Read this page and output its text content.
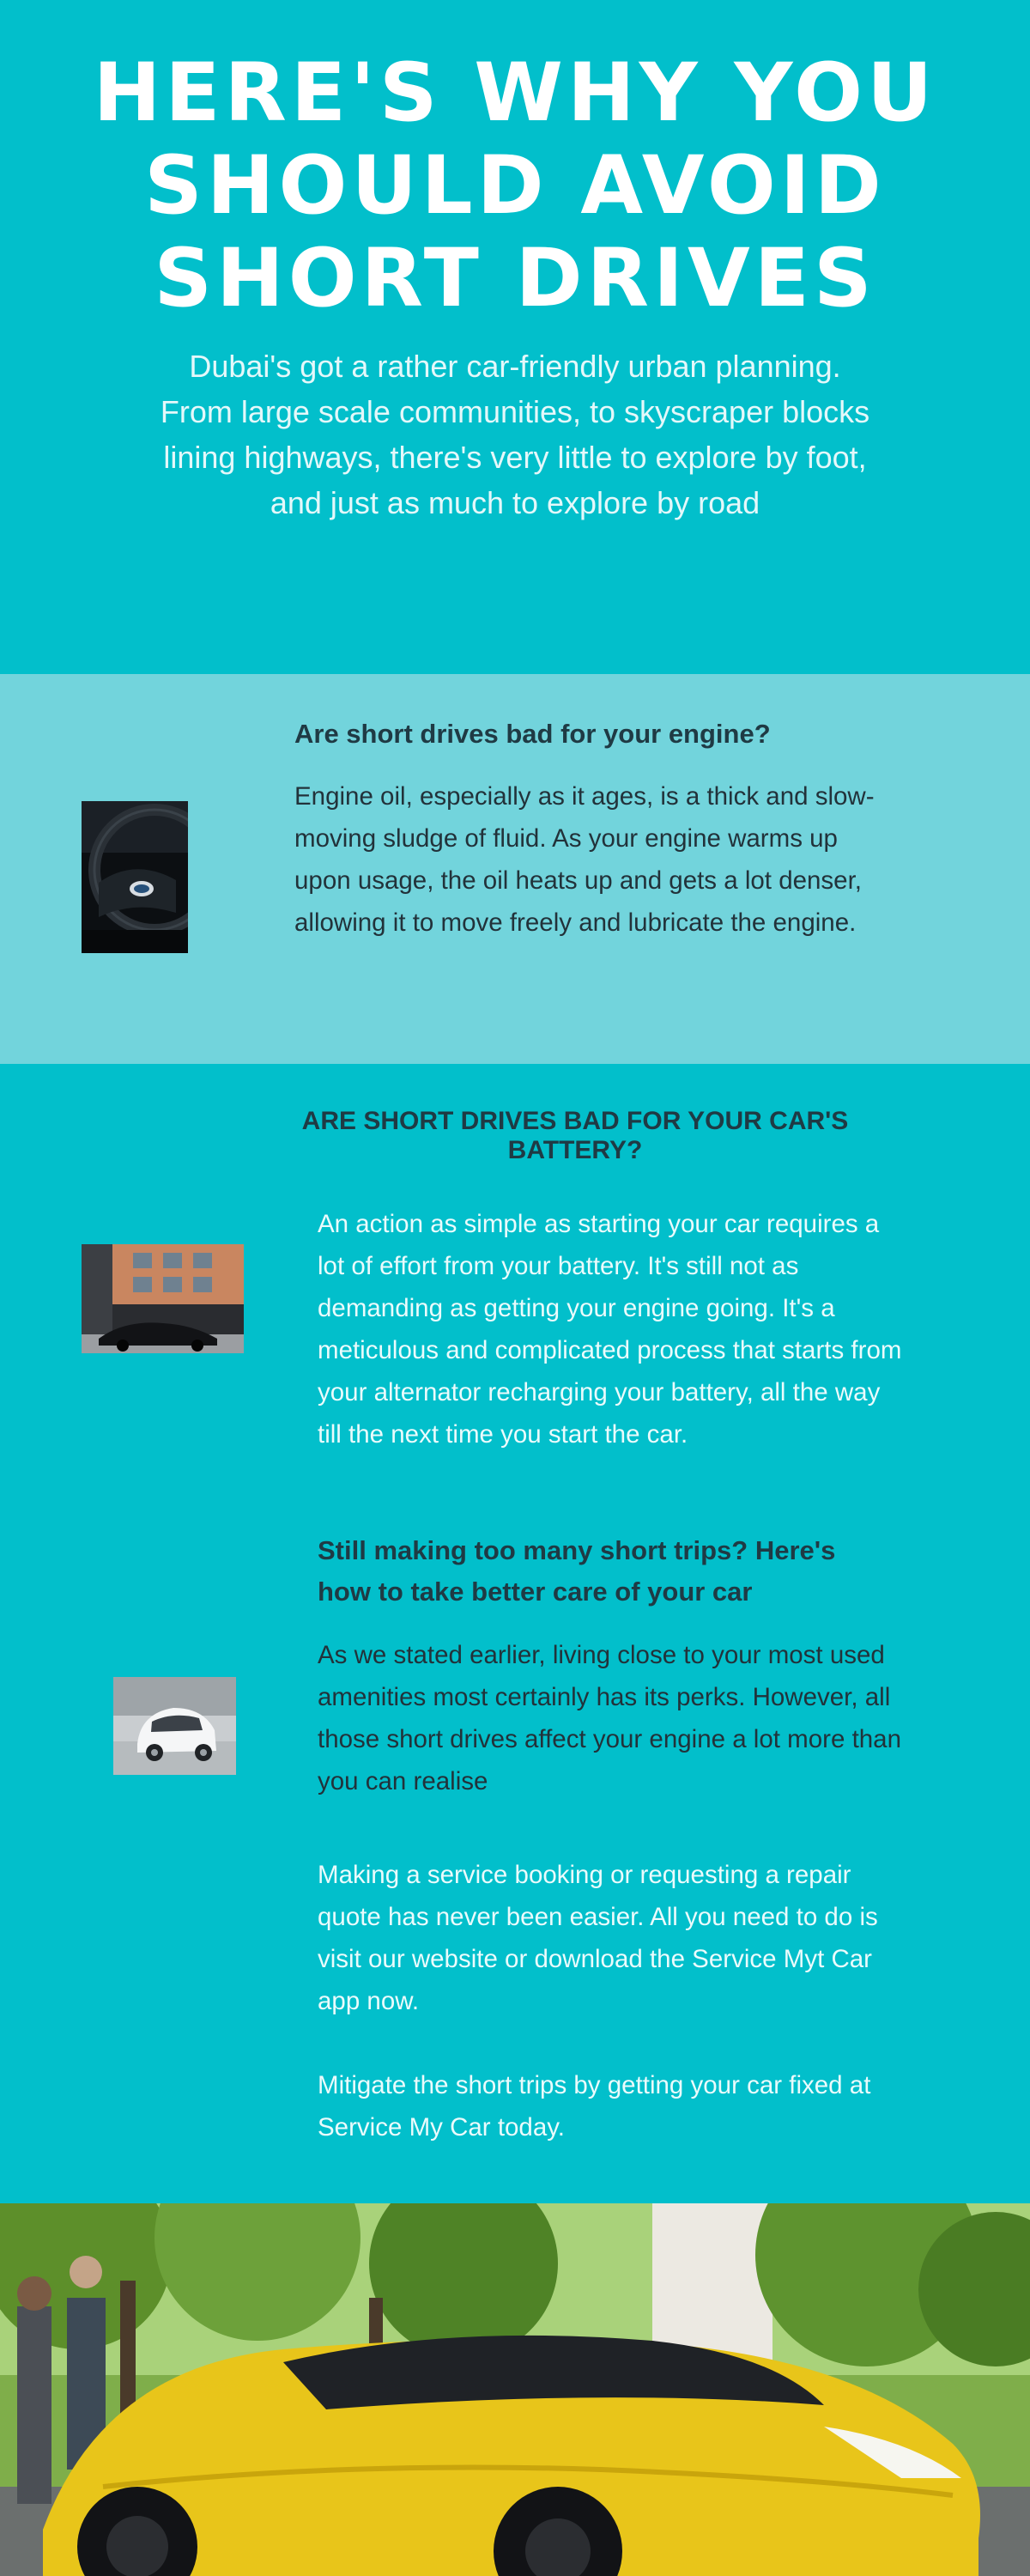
HERE'S WHY YOU SHOULD AVOID SHORT DRIVES

Dubai's got a rather car-friendly urban planning. From large scale communities, to skyscraper blocks lining highways, there's very little to explore by foot, and just as much to explore by road

Are short drives bad for your engine?

Engine oil, especially as it ages, is a thick and slow-moving sludge of fluid. As your engine warms up upon usage, the oil heats up and gets a lot denser, allowing it to move freely and lubricate the engine.

ARE SHORT DRIVES BAD FOR YOUR CAR'S BATTERY?

An action as simple as starting your car requires a lot of effort from your battery. It's still not as demanding as getting your engine going. It's a meticulous and complicated process that starts from your alternator recharging your battery, all the way till the next time you start the car.

Still making too many short trips? Here's how to take better care of your car

As we stated earlier, living close to your most used amenities most certainly has its perks. However, all those short drives affect your engine a lot more than you can realise

Making a service booking or requesting a repair quote has never been easier. All you need to do is visit our website or download the Service Myt Car app now.

Mitigate the short trips by getting your car fixed at Service My Car today.
